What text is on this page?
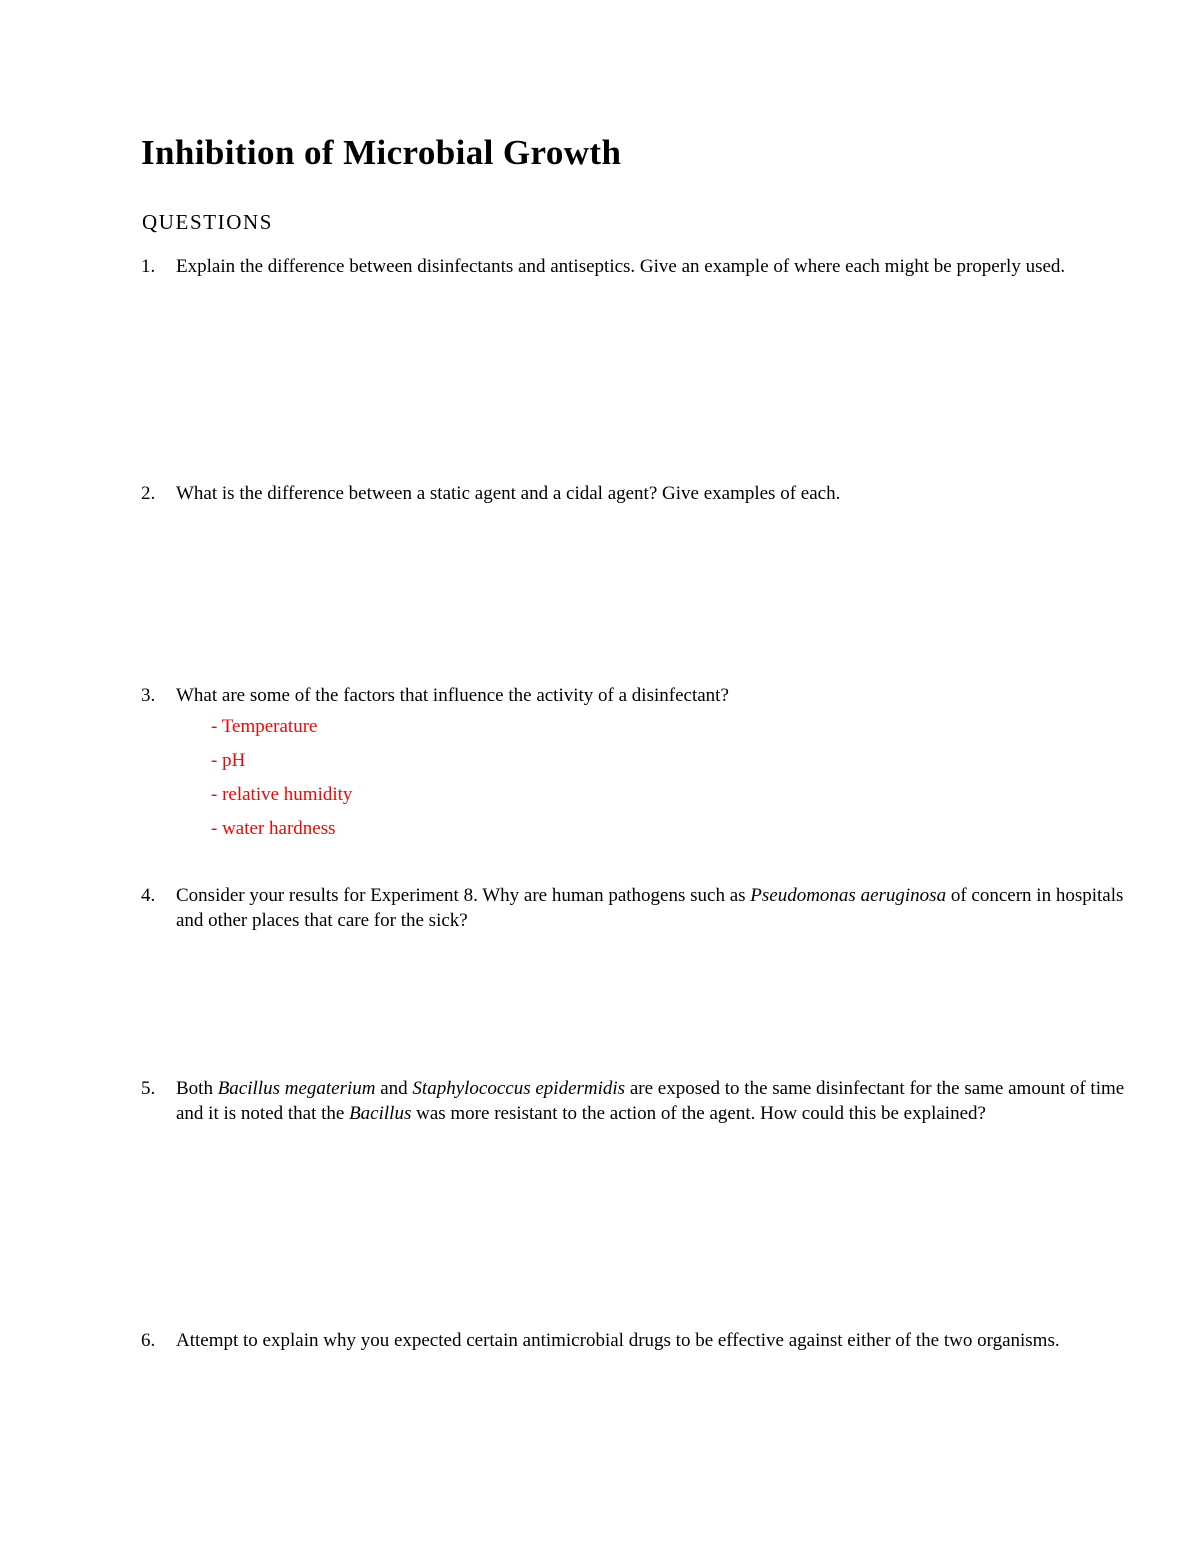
Inhibition of Microbial Growth
QUESTIONS
1.	Explain the difference between disinfectants and antiseptics. Give an example of where each might be properly used.
2.	What is the difference between a static agent and a cidal agent? Give examples of each.
3.	What are some of the factors that influence the activity of a disinfectant?
- Temperature
- pH
- relative humidity
- water hardness
4.	Consider your results for Experiment 8. Why are human pathogens such as Pseudomonas aeruginosa of concern in hospitals and other places that care for the sick?
5.	Both Bacillus megaterium and Staphylococcus epidermidis are exposed to the same disinfectant for the same amount of time and it is noted that the Bacillus was more resistant to the action of the agent. How could this be explained?
6.	Attempt to explain why you expected certain antimicrobial drugs to be effective against either of the two organisms.
